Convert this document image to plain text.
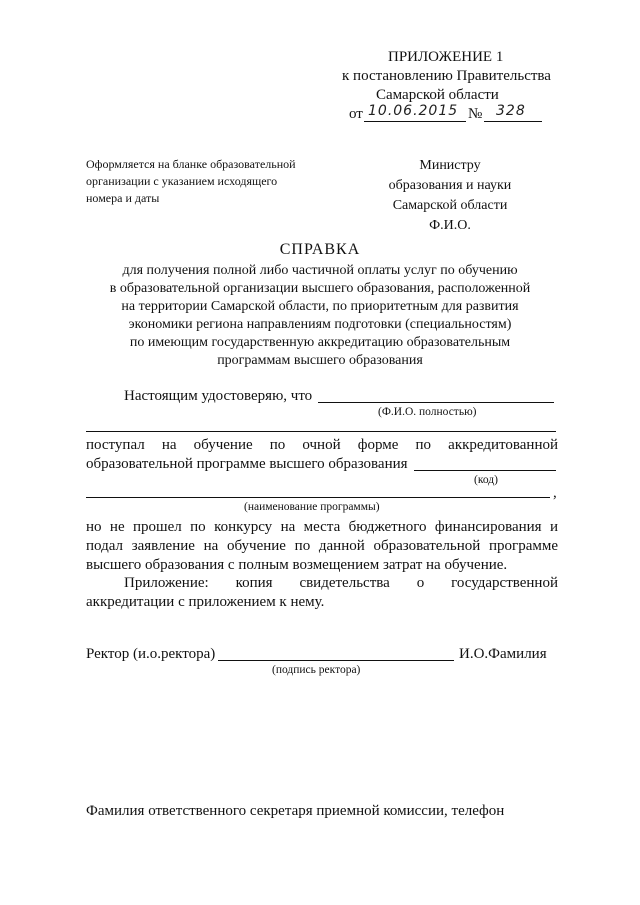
ПРИЛОЖЕНИЕ 1
к постановлению Правительства
Самарской области
от 10.06.2015 № 328
Оформляется на бланке образовательной
организации с указанием исходящего
номера и даты
Министру
образования и науки
Самарской области
Ф.И.О.
СПРАВКА
для получения полной либо частичной оплаты услуг по обучению
в образовательной организации высшего образования, расположенной
на территории Самарской области, по приоритетным для развития
экономики региона направлениям подготовки (специальностям)
по имеющим государственную аккредитацию образовательным
программам высшего образования
Настоящим удостоверяю, что
(Ф.И.О. полностью)
поступал на обучение по очной форме по аккредитованной
образовательной программе высшего образования
(код)
,
(наименование программы)
но не прошел по конкурсу на места бюджетного финансирования и
подал заявление на обучение по данной образовательной программе
высшего образования с полным возмещением затрат на обучение.
Приложение: копия свидетельства о государственной
аккредитации с приложением к нему.
Ректор (и.о.ректора)	И.О.Фамилия
(подпись ректора)
Фамилия ответственного секретаря приемной комиссии, телефон
